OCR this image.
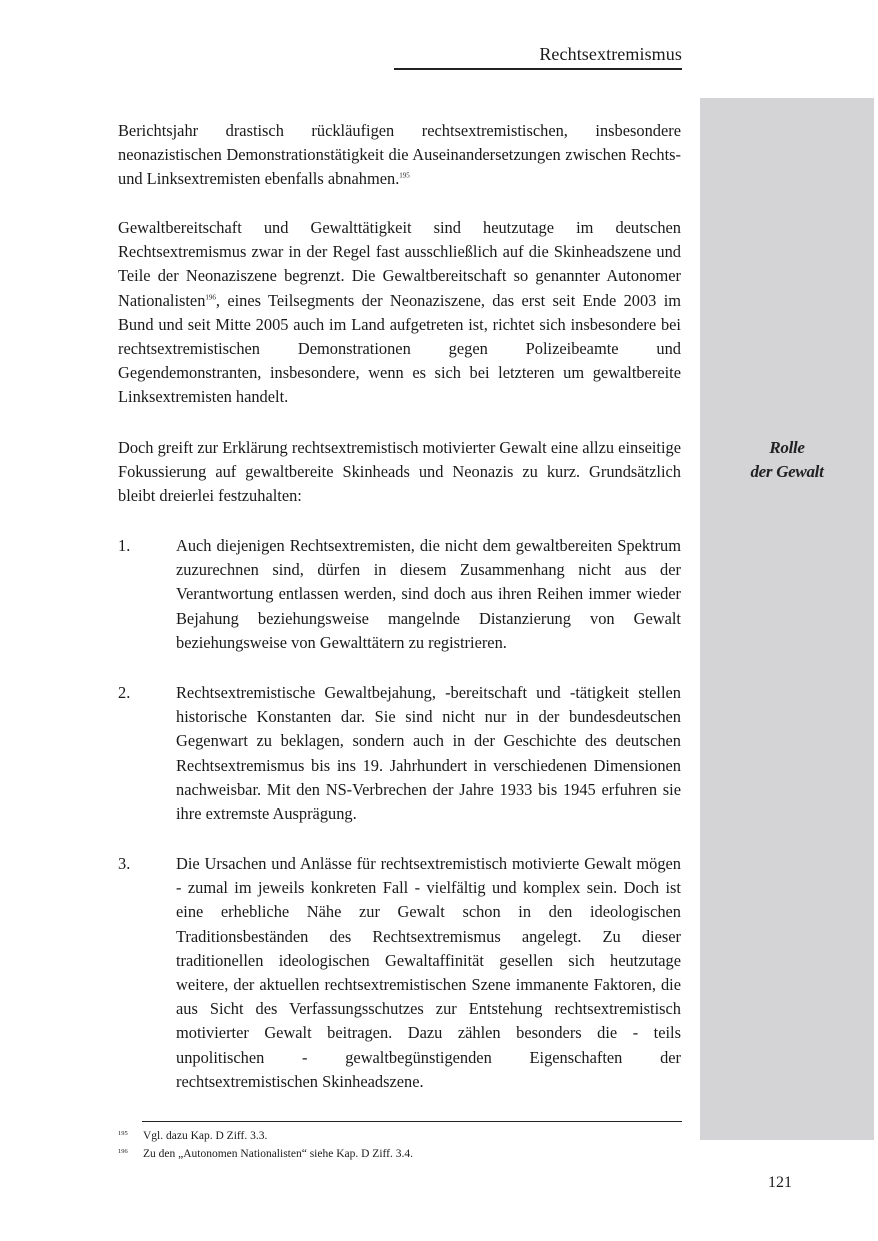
Rechtsextremismus
Rolle
der Gewalt

Berichtsjahr drastisch rückläufigen rechtsextremistischen, insbesondere neonazistischen Demonstrationstätigkeit die Auseinandersetzungen zwischen Rechts- und Linksextremisten ebenfalls abnahmen.$^{195}$

Gewaltbereitschaft und Gewalttätigkeit sind heutzutage im deutschen Rechtsextremismus zwar in der Regel fast ausschließlich auf die Skinheadszene und Teile der Neonaziszene begrenzt. Die Gewaltbereitschaft so genannter Autonomer Nationalisten$^{196}$, eines Teilsegments der Neonaziszene, das erst seit Ende 2003 im Bund und seit Mitte 2005 auch im Land aufgetreten ist, richtet sich insbesondere bei rechtsextremistischen Demonstrationen gegen Polizeibeamte und Gegendemonstranten, insbesondere, wenn es sich bei letzteren um gewaltbereite Linksextremisten handelt.

Doch greift zur Erklärung rechtsextremistisch motivierter Gewalt eine allzu einseitige Fokussierung auf gewaltbereite Skinheads und Neonazis zu kurz. Grundsätzlich bleibt dreierlei festzuhalten:

1.	Auch diejenigen Rechtsextremisten, die nicht dem gewaltbereiten Spektrum zuzurechnen sind, dürfen in diesem Zusammenhang nicht aus der Verantwortung entlassen werden, sind doch aus ihren Reihen immer wieder Bejahung beziehungsweise mangelnde Distanzierung von Gewalt beziehungsweise von Gewalttätern zu registrieren.

2.	Rechtsextremistische Gewaltbejahung, -bereitschaft und -tätigkeit stellen historische Konstanten dar. Sie sind nicht nur in der bundesdeutschen Gegenwart zu beklagen, sondern auch in der Geschichte des deutschen Rechtsextremismus bis ins 19. Jahrhundert in verschiedenen Dimensionen nachweisbar. Mit den NS-Verbrechen der Jahre 1933 bis 1945 erfuhren sie ihre extremste Ausprägung.

3.	Die Ursachen und Anlässe für rechtsextremistisch motivierte Gewalt mögen - zumal im jeweils konkreten Fall - vielfältig und komplex sein. Doch ist eine erhebliche Nähe zur Gewalt schon in den ideologischen Traditionsbeständen des Rechtsextremismus angelegt. Zu dieser traditionellen ideologischen Gewaltaffinität gesellen sich heutzutage weitere, der aktuellen rechtsextremistischen Szene immanente Faktoren, die aus Sicht des Verfassungsschutzes zur Entstehung rechtsextremistisch motivierter Gewalt beitragen. Dazu zählen besonders die - teils unpolitischen - gewaltbegünstigenden Eigenschaften der rechtsextremistischen Skinheadszene.

195 Vgl. dazu Kap. D Ziff. 3.3.
196 Zu den „Autonomen Nationalisten“ siehe Kap. D Ziff. 3.4.
121
